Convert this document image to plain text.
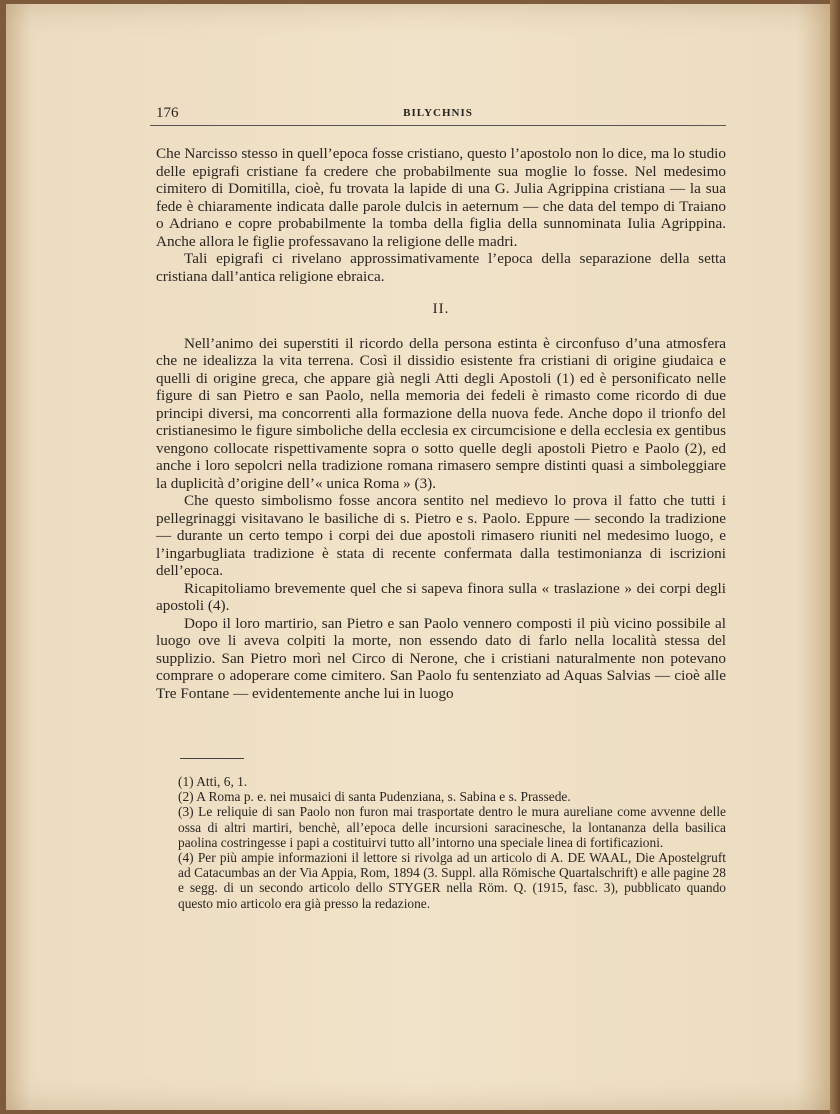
176	BILYCHNIS

Che Narcisso stesso in quell’epoca fosse cristiano, questo l’apostolo non lo dice, ma lo studio delle epigrafi cristiane fa credere che probabilmente sua moglie lo fosse. Nel medesimo cimitero di Domitilla, cioè, fu trovata la lapide di una G. Julia Agrippina cristiana — la sua fede è chiaramente indicata dalle parole dulcis in aeternum — che data del tempo di Traiano o Adriano e copre probabilmente la tomba della figlia della sunnominata Iulia Agrippina. Anche allora le figlie professavano la religione delle madri.

Tali epigrafi ci rivelano approssimativamente l’epoca della separazione della setta cristiana dall’antica religione ebraica.

II.

Nell’animo dei superstiti il ricordo della persona estinta è circonfuso d’una atmosfera che ne idealizza la vita terrena. Così il dissidio esistente fra cristiani di origine giudaica e quelli di origine greca, che appare già negli Atti degli Apostoli (1) ed è personificato nelle figure di san Pietro e san Paolo, nella memoria dei fedeli è rimasto come ricordo di due principi diversi, ma concorrenti alla formazione della nuova fede. Anche dopo il trionfo del cristianesimo le figure simboliche della ecclesia ex circumcisione e della ecclesia ex gentibus vengono collocate rispettivamente sopra o sotto quelle degli apostoli Pietro e Paolo (2), ed anche i loro sepolcri nella tradizione romana rimasero sempre distinti quasi a simboleggiare la duplicità d’origine dell’« unica Roma » (3).

Che questo simbolismo fosse ancora sentito nel medievo lo prova il fatto che tutti i pellegrinaggi visitavano le basiliche di s. Pietro e s. Paolo. Eppure — secondo la tradizione — durante un certo tempo i corpi dei due apostoli rimasero riuniti nel medesimo luogo, e l’ingarbugliata tradizione è stata di recente confermata dalla testimonianza di iscrizioni dell’epoca.

Ricapitoliamo brevemente quel che si sapeva finora sulla « traslazione » dei corpi degli apostoli (4).

Dopo il loro martirio, san Pietro e san Paolo vennero composti il più vicino possibile al luogo ove li aveva colpiti la morte, non essendo dato di farlo nella località stessa del supplizio. San Pietro morì nel Circo di Nerone, che i cristiani naturalmente non potevano comprare o adoperare come cimitero. San Paolo fu sentenziato ad Aquas Salvias — cioè alle Tre Fontane — evidentemente anche lui in luogo

(1) Atti, 6, 1.

(2) A Roma p. e. nei musaici di santa Pudenziana, s. Sabina e s. Prassede.

(3) Le reliquie di san Paolo non furon mai trasportate dentro le mura aureliane come avvenne delle ossa di altri martiri, benchè, all’epoca delle incursioni saracinesche, la lontananza della basilica paolina costringesse i papi a costituirvi tutto all’intorno una speciale linea di fortificazioni.

(4) Per più ampie informazioni il lettore si rivolga ad un articolo di A. DE WAAL, Die Apostelgruft ad Catacumbas an der Via Appia, Rom, 1894 (3. Suppl. alla Römische Quartalschrift) e alle pagine 28 e segg. di un secondo articolo dello STYGER nella Röm. Q. (1915, fasc. 3), pubblicato quando questo mio articolo era già presso la redazione.
